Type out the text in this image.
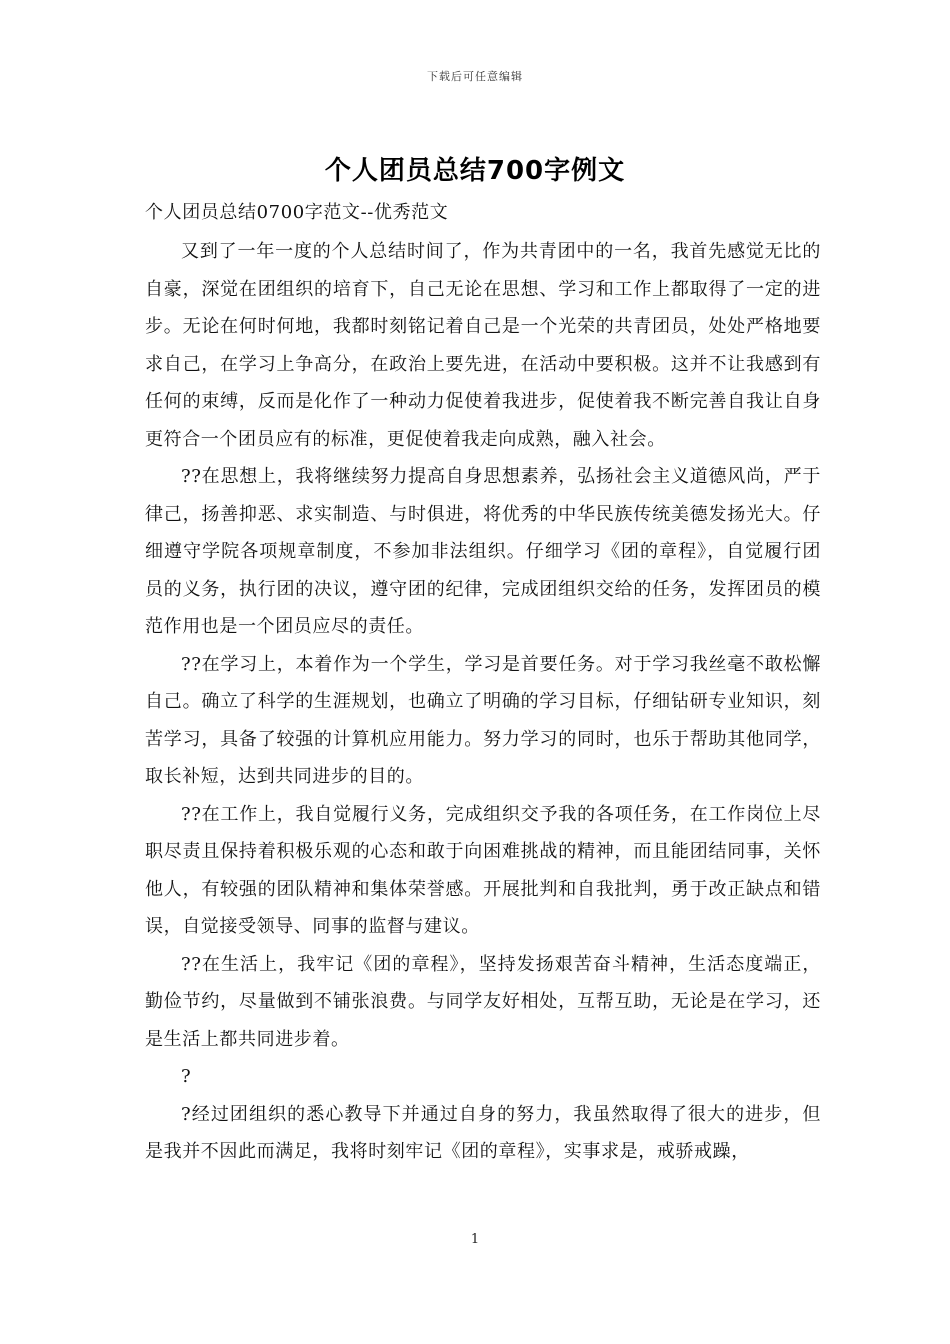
下载后可任意编辑
个人团员总结700字例文

个人团员总结0700字范文--优秀范文

又到了一年一度的个人总结时间了，作为共青团中的一名，我首先感觉无比的自豪，深觉在团组织的培育下，自己无论在思想、学习和工作上都取得了一定的进步。无论在何时何地，我都时刻铭记着自己是一个光荣的共青团员，处处严格地要求自己，在学习上争高分，在政治上要先进，在活动中要积极。这并不让我感到有任何的束缚，反而是化作了一种动力促使着我进步，促使着我不断完善自我让自身更符合一个团员应有的标准，更促使着我走向成熟，融入社会。

??在思想上，我将继续努力提高自身思想素养，弘扬社会主义道德风尚，严于律己，扬善抑恶、求实制造、与时俱进，将优秀的中华民族传统美德发扬光大。仔细遵守学院各项规章制度，不参加非法组织。仔细学习《团的章程》，自觉履行团员的义务，执行团的决议，遵守团的纪律，完成团组织交给的任务，发挥团员的模范作用也是一个团员应尽的责任。

??在学习上，本着作为一个学生，学习是首要任务。对于学习我丝毫不敢松懈自己。确立了科学的生涯规划，也确立了明确的学习目标，仔细钻研专业知识，刻苦学习，具备了较强的计算机应用能力。努力学习的同时，也乐于帮助其他同学，取长补短，达到共同进步的目的。

??在工作上，我自觉履行义务，完成组织交予我的各项任务，在工作岗位上尽职尽责且保持着积极乐观的心态和敢于向困难挑战的精神，而且能团结同事，关怀他人，有较强的团队精神和集体荣誉感。开展批判和自我批判，勇于改正缺点和错误，自觉接受领导、同事的监督与建议。

??在生活上，我牢记《团的章程》，坚持发扬艰苦奋斗精神，生活态度端正，勤俭节约，尽量做到不铺张浪费。与同学友好相处，互帮互助，无论是在学习，还是生活上都共同进步着。

?

?经过团组织的悉心教导下并通过自身的努力，我虽然取得了很大的进步，但是我并不因此而满足，我将时刻牢记《团的章程》，实事求是，戒骄戒躁，

1
